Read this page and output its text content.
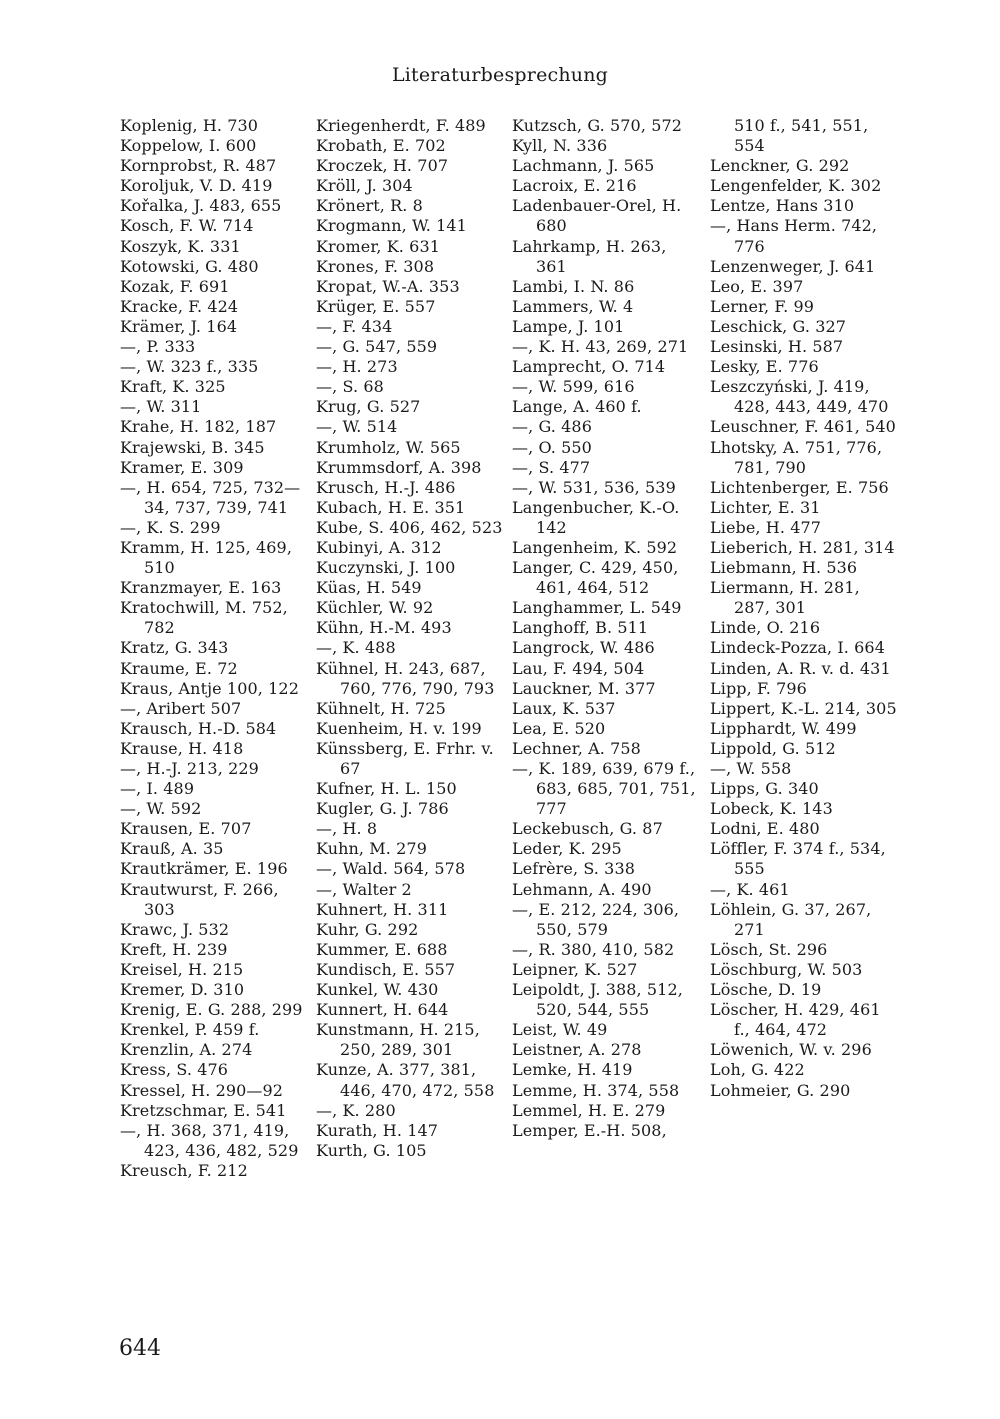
Literaturbesprechung
Koplenig, H. 730
Koppelow, I. 600
Kornprobst, R. 487
Koroljuk, V. D. 419
Kořalka, J. 483, 655
Kosch, F. W. 714
Koszyk, K. 331
Kotowski, G. 480
Kozak, F. 691
Kracke, F. 424
Krämer, J. 164
—, P. 333
—, W. 323 f., 335
Kraft, K. 325
—, W. 311
Krahe, H. 182, 187
Krajewski, B. 345
Kramer, E. 309
—, H. 654, 725, 732—34, 737, 739, 741
—, K. S. 299
Kramm, H. 125, 469, 510
Kranzmayer, E. 163
Kratochwill, M. 752, 782
Kratz, G. 343
Kraume, E. 72
Kraus, Antje 100, 122
—, Aribert 507
Krausch, H.-D. 584
Krause, H. 418
—, H.-J. 213, 229
—, I. 489
—, W. 592
Krausen, E. 707
Krauß, A. 35
Krautkrämer, E. 196
Krautwurst, F. 266, 303
Krawc, J. 532
Kreft, H. 239
Kreisel, H. 215
Kremer, D. 310
Krenig, E. G. 288, 299
Krenkel, P. 459 f.
Krenzlin, A. 274
Kress, S. 476
Kressel, H. 290—92
Kretzschmar, E. 541
—, H. 368, 371, 419, 423, 436, 482, 529
Kreusch, F. 212
Kriegenherdt, F. 489
Krobath, E. 702
Kroczek, H. 707
Kröll, J. 304
Krönert, R. 8
Krogmann, W. 141
Kromer, K. 631
Krones, F. 308
Kropat, W.-A. 353
Krüger, E. 557
—, F. 434
—, G. 547, 559
—, H. 273
—, S. 68
Krug, G. 527
—, W. 514
Krumholz, W. 565
Krummsdorf, A. 398
Krusch, H.-J. 486
Kubach, H. E. 351
Kube, S. 406, 462, 523
Kubinyi, A. 312
Kuczynski, J. 100
Küas, H. 549
Küchler, W. 92
Kühn, H.-M. 493
—, K. 488
Kühnel, H. 243, 687, 760, 776, 790, 793
Kühnelt, H. 725
Kuenheim, H. v. 199
Künssberg, E. Frhr. v. 67
Kufner, H. L. 150
Kugler, G. J. 786
—, H. 8
Kuhn, M. 279
—, Wald. 564, 578
—, Walter 2
Kuhnert, H. 311
Kuhr, G. 292
Kummer, E. 688
Kundisch, E. 557
Kunkel, W. 430
Kunnert, H. 644
Kunstmann, H. 215, 250, 289, 301
Kunze, A. 377, 381, 446, 470, 472, 558
—, K. 280
Kurath, H. 147
Kurth, G. 105
Kutzsch, G. 570, 572
Kyll, N. 336
Lachmann, J. 565
Lacroix, E. 216
Ladenbauer-Orel, H. 680
Lahrkamp, H. 263, 361
Lambi, I. N. 86
Lammers, W. 4
Lampe, J. 101
—, K. H. 43, 269, 271
Lamprecht, O. 714
—, W. 599, 616
Lange, A. 460 f.
—, G. 486
—, O. 550
—, S. 477
—, W. 531, 536, 539
Langenbucher, K.-O. 142
Langenheim, K. 592
Langer, C. 429, 450, 461, 464, 512
Langhammer, L. 549
Langhoff, B. 511
Langrock, W. 486
Lau, F. 494, 504
Lauckner, M. 377
Laux, K. 537
Lea, E. 520
Lechner, A. 758
—, K. 189, 639, 679 f., 683, 685, 701, 751, 777
Leckebusch, G. 87
Leder, K. 295
Lefrère, S. 338
Lehmann, A. 490
—, E. 212, 224, 306, 550, 579
—, R. 380, 410, 582
Leipner, K. 527
Leipoldt, J. 388, 512, 520, 544, 555
Leist, W. 49
Leistner, A. 278
Lemke, H. 419
Lemme, H. 374, 558
Lemmel, H. E. 279
Lemper, E.-H. 508,
510 f., 541, 551, 554
Lenckner, G. 292
Lengenfelder, K. 302
Lentze, Hans 310
—, Hans Herm. 742, 776
Lenzenweger, J. 641
Leo, E. 397
Lerner, F. 99
Leschick, G. 327
Lesinski, H. 587
Lesky, E. 776
Leszczyński, J. 419, 428, 443, 449, 470
Leuschner, F. 461, 540
Lhotsky, A. 751, 776, 781, 790
Lichtenberger, E. 756
Lichter, E. 31
Liebe, H. 477
Lieberich, H. 281, 314
Liebmann, H. 536
Liermann, H. 281, 287, 301
Linde, O. 216
Lindeck-Pozza, I. 664
Linden, A. R. v. d. 431
Lipp, F. 796
Lippert, K.-L. 214, 305
Lipphardt, W. 499
Lippold, G. 512
—, W. 558
Lipps, G. 340
Lobeck, K. 143
Lodni, E. 480
Löffler, F. 374 f., 534, 555
—, K. 461
Löhlein, G. 37, 267, 271
Lösch, St. 296
Löschburg, W. 503
Lösche, D. 19
Löscher, H. 429, 461 f., 464, 472
Löwenich, W. v. 296
Loh, G. 422
Lohmeier, G. 290
644
